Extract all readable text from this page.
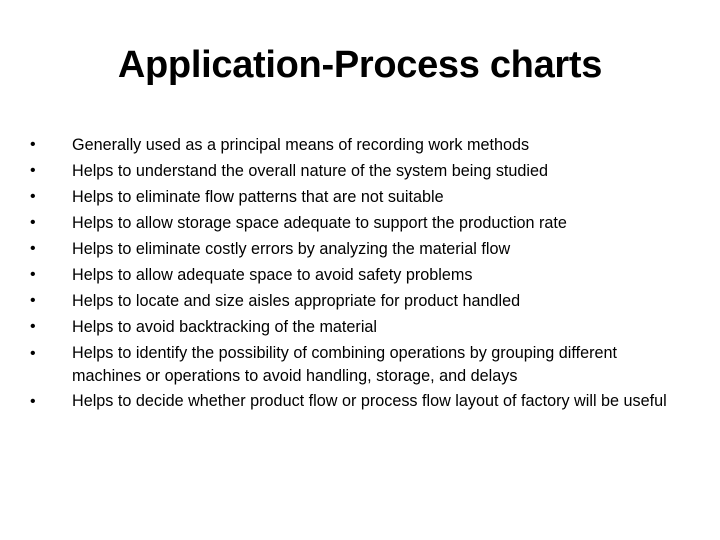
Application-Process charts
•	Generally used as a principal means of recording work methods
•	Helps to understand the overall nature of the system being studied
•	Helps to eliminate flow patterns that are not suitable
•	Helps to allow storage space adequate to support the production rate
•	Helps to eliminate costly errors by analyzing the material flow
•	Helps to allow adequate space to avoid safety problems
•	Helps to locate and size aisles appropriate for product handled
•	Helps to avoid backtracking of the material
•	Helps to identify the possibility of combining operations by grouping different machines or operations to avoid handling, storage, and delays
•	Helps to decide whether product flow or process flow layout of factory will be useful
